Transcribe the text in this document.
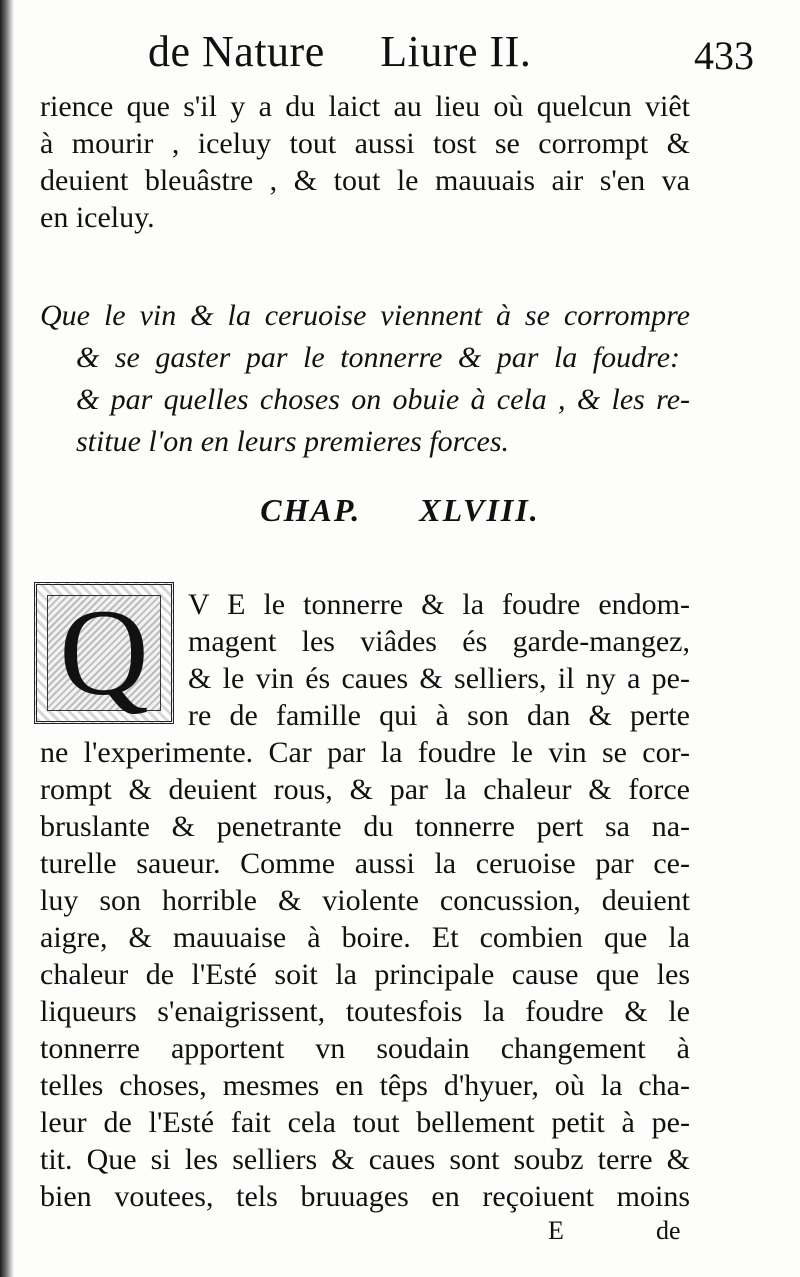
de Nature Liure II.	433
rience que s'il y a du laict au lieu où quelcun viêt
à mourir , iceluy tout aussi tost se corrompt &
deuient bleuâstre , & tout le mauuais air s'en va
en iceluy.
Que le vin & la ceruoise viennent à se corrompre
& se gaster par le tonnerre & par la foudre:
& par quelles choses on obuie à cela , & les re-
stitue l'on en leurs premieres forces.
CHAP. XLVIII.
Q	V E le tonnerre & la foudre endom-
magent les viâdes és garde-mangez,
& le vin és caues & selliers, il ny a pe-
re de famille qui à son dan & perte
ne l'experimente. Car par la foudre le vin se cor-
rompt & deuient rous, & par la chaleur & force
bruslante & penetrante du tonnerre pert sa na-
turelle saueur. Comme aussi la ceruoise par ce-
luy son horrible & violente concussion, deuient
aigre, & mauuaise à boire. Et combien que la
chaleur de l'Esté soit la principale cause que les
liqueurs s'enaigrissent, toutesfois la foudre & le
tonnerre apportent vn soudain changement à
telles choses, mesmes en têps d'hyuer, où la cha-
leur de l'Esté fait cela tout bellement petit à pe-
tit. Que si les selliers & caues sont soubz terre &
bien voutees, tels bruuages en reçoiuent moins
E	de
